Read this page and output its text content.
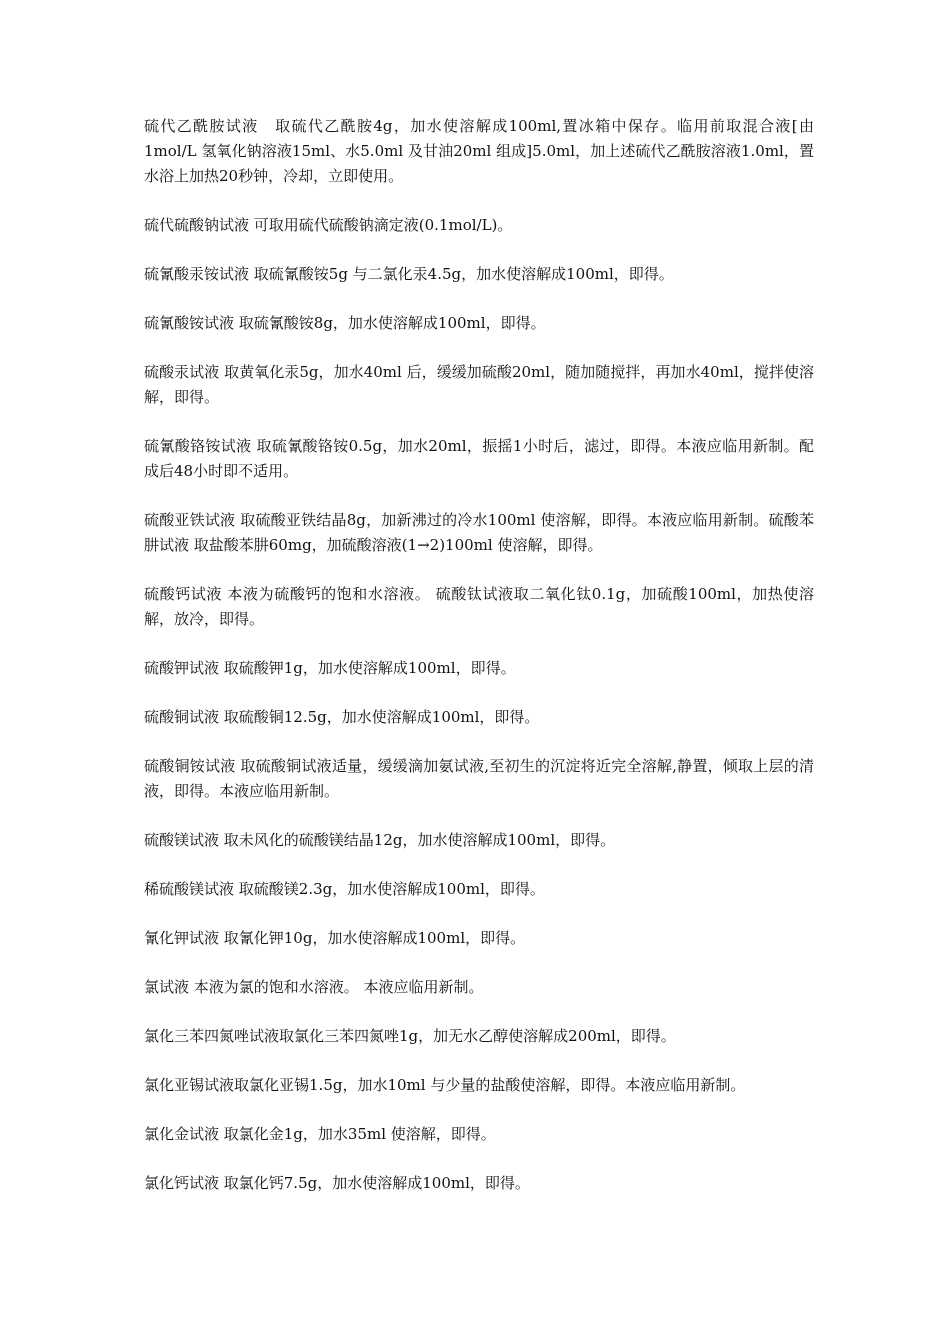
硫代乙酰胺试液　取硫代乙酰胺4g，加水使溶解成100ml,置冰箱中保存。临用前取混合液[由1mol/L 氢氧化钠溶液15ml、水5.0ml 及甘油20ml 组成]5.0ml，加上述硫代乙酰胺溶液1.0ml，置水浴上加热20秒钟，冷却，立即使用。

硫代硫酸钠试液 可取用硫代硫酸钠滴定液(0.1mol/L)。

硫氰酸汞铵试液 取硫氰酸铵5g 与二氯化汞4.5g，加水使溶解成100ml，即得。

硫氰酸铵试液 取硫氰酸铵8g，加水使溶解成100ml，即得。

硫酸汞试液 取黄氧化汞5g，加水40ml 后，缓缓加硫酸20ml，随加随搅拌，再加水40ml，搅拌使溶解，即得。

硫氰酸铬铵试液 取硫氰酸铬铵0.5g，加水20ml，振摇1小时后，滤过，即得。本液应临用新制。配成后48小时即不适用。

硫酸亚铁试液 取硫酸亚铁结晶8g，加新沸过的冷水100ml 使溶解，即得。本液应临用新制。硫酸苯肼试液 取盐酸苯肼60mg，加硫酸溶液(1→2)100ml 使溶解，即得。

硫酸钙试液 本液为硫酸钙的饱和水溶液。 硫酸钛试液取二氧化钛0.1g，加硫酸100ml，加热使溶解，放冷，即得。

硫酸钾试液 取硫酸钾1g，加水使溶解成100ml，即得。

硫酸铜试液 取硫酸铜12.5g，加水使溶解成100ml，即得。

硫酸铜铵试液 取硫酸铜试液适量，缓缓滴加氨试液,至初生的沉淀将近完全溶解,静置，倾取上层的清液，即得。本液应临用新制。

硫酸镁试液 取未风化的硫酸镁结晶12g，加水使溶解成100ml，即得。

稀硫酸镁试液 取硫酸镁2.3g，加水使溶解成100ml，即得。

氰化钾试液 取氰化钾10g，加水使溶解成100ml，即得。

氯试液 本液为氯的饱和水溶液。 本液应临用新制。

氯化三苯四氮唑试液取氯化三苯四氮唑1g，加无水乙醇使溶解成200ml，即得。

氯化亚锡试液取氯化亚锡1.5g，加水10ml 与少量的盐酸使溶解，即得。本液应临用新制。

氯化金试液 取氯化金1g，加水35ml 使溶解，即得。

氯化钙试液 取氯化钙7.5g，加水使溶解成100ml，即得。
